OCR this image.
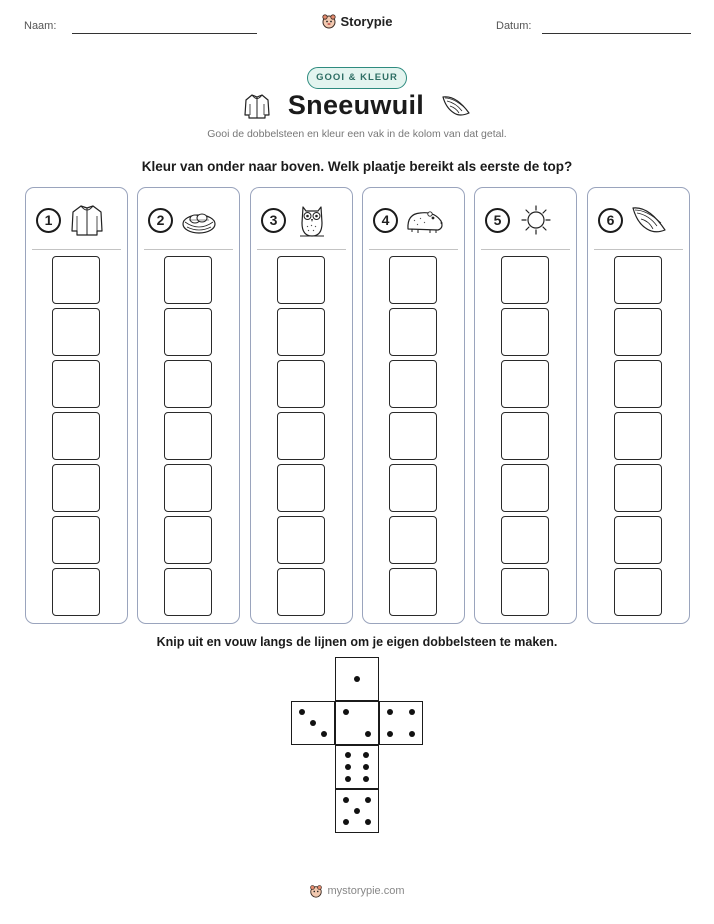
Naam:	Datum:
Storypie
GOOI & KLEUR
Sneeuwuil
Gooi de dobbelsteen en kleur een vak in de kolom van dat getal.
Kleur van onder naar boven. Welk plaatje bereikt als eerste de top?
1	2	3	4	5	6
Knip uit en vouw langs de lijnen om je eigen dobbelsteen te maken.
mystorypie.com
